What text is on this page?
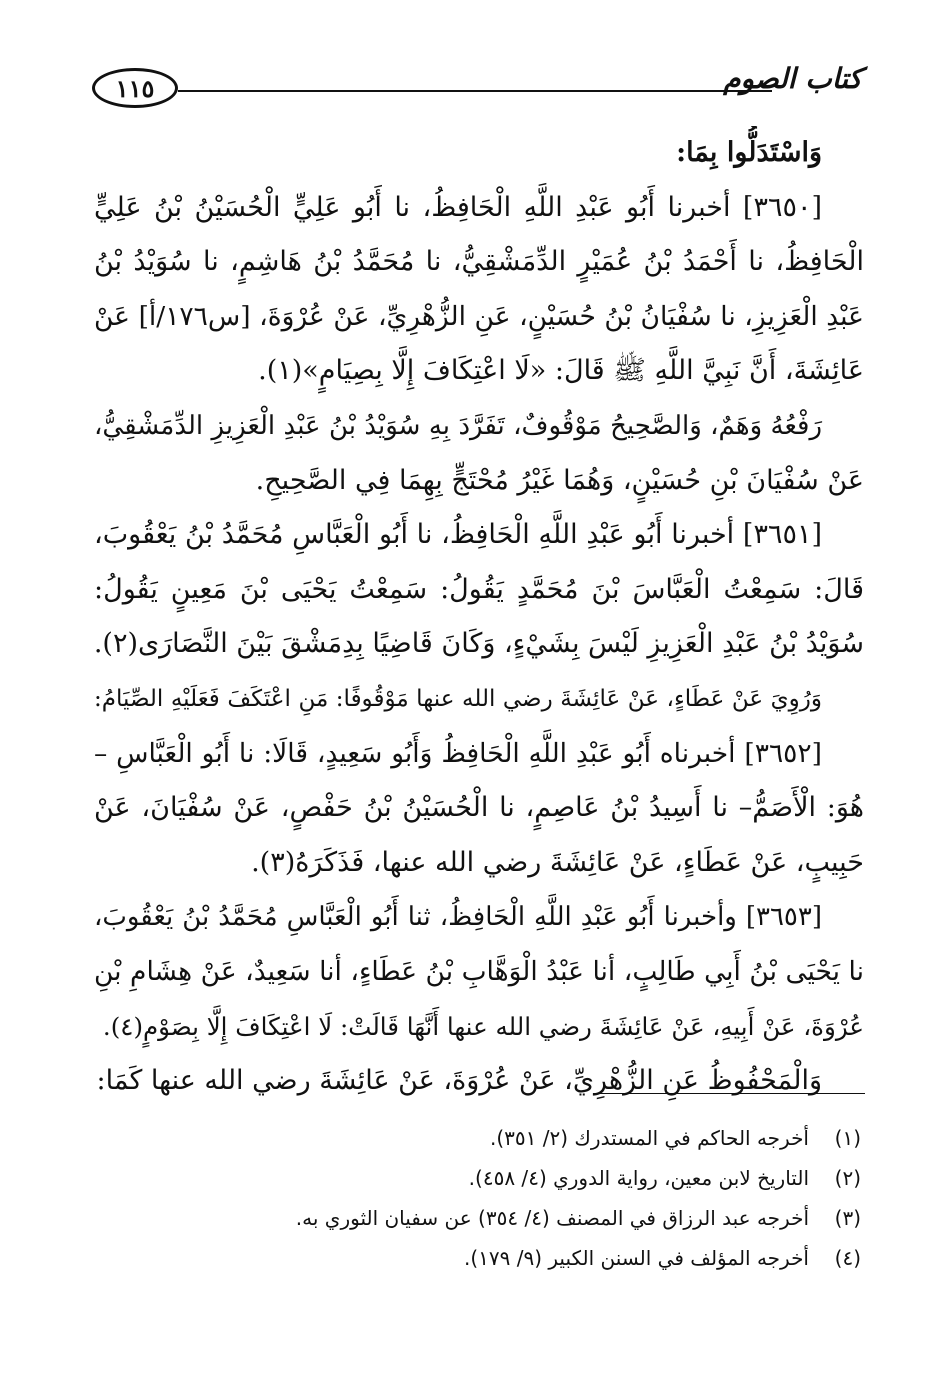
١١٥	كتاب الصوم
وَاسْتَدَلُّوا بِمَا:
[٣٦٥٠] أخبرنا أَبُو عَبْدِ اللَّهِ الْحَافِظُ، نا أَبُو عَلِيٍّ الْحُسَيْنُ بْنُ عَلِيٍّ
الْحَافِظُ، نا أَحْمَدُ بْنُ عُمَيْرٍ الدِّمَشْقِيُّ، نا مُحَمَّدُ بْنُ هَاشِمٍ، نا سُوَيْدُ بْنُ
عَبْدِ الْعَزِيزِ، نا سُفْيَانُ بْنُ حُسَيْنٍ، عَنِ الزُّهْرِيِّ، عَنْ عُرْوَةَ، [س١٧٦/أ] عَنْ
عَائِشَةَ، أَنَّ نَبِيَّ اللَّهِ ﷺ قَالَ: «لَا اعْتِكَافَ إِلَّا بِصِيَامٍ»(١).
رَفْعُهُ وَهَمٌ، وَالصَّحِيحُ مَوْقُوفٌ، تَفَرَّدَ بِهِ سُوَيْدُ بْنُ عَبْدِ الْعَزِيزِ الدِّمَشْقِيُّ،
عَنْ سُفْيَانَ بْنِ حُسَيْنٍ، وَهُمَا غَيْرُ مُحْتَجٍّ بِهِمَا فِي الصَّحِيحِ.
[٣٦٥١] أخبرنا أَبُو عَبْدِ اللَّهِ الْحَافِظُ، نا أَبُو الْعَبَّاسِ مُحَمَّدُ بْنُ يَعْقُوبَ،
قَالَ: سَمِعْتُ الْعَبَّاسَ بْنَ مُحَمَّدٍ يَقُولُ: سَمِعْتُ يَحْيَى بْنَ مَعِينٍ يَقُولُ:
سُوَيْدُ بْنُ عَبْدِ الْعَزِيزِ لَيْسَ بِشَيْءٍ، وَكَانَ قَاضِيًا بِدِمَشْقَ بَيْنَ النَّصَارَى(٢).
وَرُوِيَ عَنْ عَطَاءٍ، عَنْ عَائِشَةَ رضي الله عنها مَوْقُوفًا: مَنِ اعْتَكَفَ فَعَلَيْهِ الصِّيَامُ:
[٣٦٥٢] أخبرناه أَبُو عَبْدِ اللَّهِ الْحَافِظُ وَأَبُو سَعِيدٍ، قَالَا: نا أَبُو الْعَبَّاسِ –
هُوَ: الْأَصَمُّ– نا أَسِيدُ بْنُ عَاصِمٍ، نا الْحُسَيْنُ بْنُ حَفْصٍ، عَنْ سُفْيَانَ، عَنْ
حَبِيبٍ، عَنْ عَطَاءٍ، عَنْ عَائِشَةَ رضي الله عنها، فَذَكَرَهُ(٣).
[٣٦٥٣] وأخبرنا أَبُو عَبْدِ اللَّهِ الْحَافِظُ، ثنا أَبُو الْعَبَّاسِ مُحَمَّدُ بْنُ يَعْقُوبَ،
نا يَحْيَى بْنُ أَبِي طَالِبٍ، أنا عَبْدُ الْوَهَّابِ بْنُ عَطَاءٍ، أنا سَعِيدٌ، عَنْ هِشَامِ بْنِ
عُرْوَةَ، عَنْ أَبِيهِ، عَنْ عَائِشَةَ رضي الله عنها أَنَّهَا قَالَتْ: لَا اعْتِكَافَ إِلَّا بِصَوْمٍ(٤).
وَالْمَحْفُوظُ عَنِ الزُّهْرِيِّ، عَنْ عُرْوَةَ، عَنْ عَائِشَةَ رضي الله عنها كَمَا:
(١)
أخرجه الحاكم في المستدرك (٢/ ٣٥١).
(٢)
التاريخ لابن معين، رواية الدوري (٤/ ٤٥٨).
(٣)
أخرجه عبد الرزاق في المصنف (٤/ ٣٥٤) عن سفيان الثوري به.
(٤)
أخرجه المؤلف في السنن الكبير (٩/ ١٧٩).
